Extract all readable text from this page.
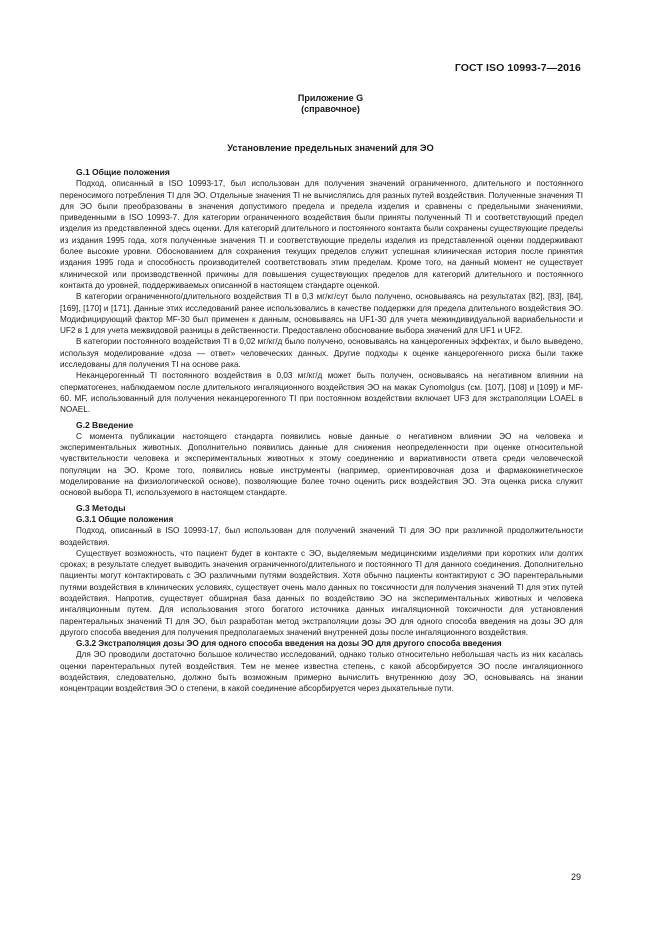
ГОСТ ISO 10993-7—2016
Приложение G
(справочное)
Установление предельных значений для ЭО
G.1 Общие положения

Подход, описанный в ISO 10993-17, был использован для получения значений ограниченного, длительного и постоянного переносимого потребления TI для ЭО. Отдельные значения TI не вычислялись для разных путей воздействия. Полученные значения TI для ЭО были преобразованы в значения допустимого предела и предела изделия и сравнены с предельными значениями, приведенными в ISO 10993-7. Для категории ограниченного воздействия были приняты полученный TI и соответствующий предел изделия из представленной здесь оценки. Для категорий длительного и постоянного контакта были сохранены существующие пределы из издания 1995 года, хотя полученные значения TI и соответствующие пределы изделия из представленной оценки поддерживают более высокие уровни. Обоснованием для сохранения текущих пределов служит успешная клиническая история после принятия издания 1995 года и способность производителей соответствовать этим пределам. Кроме того, на данный момент не существует клинической или производственной причины для повышения существующих пределов для категорий длительного и постоянного контакта до уровней, поддерживаемых описанной в настоящем стандарте оценкой.

В категории ограниченного/длительного воздействия TI в 0,3 мг/кг/сут было получено, основываясь на результатах [82], [83], [84], [169], [170] и [171]. Данные этих исследований ранее использовались в качестве поддержки для предела длительного воздействия ЭО. Модифицирующий фактор MF-30 был применен к данным, основываясь на UF1-30 для учета межиндивидуальной вариабельности и UF2 в 1 для учета межвидовой разницы в действенности. Предоставлено обоснование выбора значений для UF1 и UF2.

В категории постоянного воздействия TI в 0,02 мг/кг/д было получено, основываясь на канцерогенных эффектах, и было выведено, используя моделирование «доза — ответ» человеческих данных. Другие подходы к оценке канцерогенного риска были также исследованы для получения TI на основе рака.

Неканцерогенный TI постоянного воздействия в 0,03 мг/кг/д может быть получен, основываясь на негативном влиянии на сперматогенез, наблюдаемом после длительного ингаляционного воздействия ЭО на макак Cynomolgus (см. [107], [108] и [109]) и MF-60. MF, использованный для получения неканцерогенного TI при постоянном воздействии включает UF3 для экстраполяции LOAEL в NOAEL.

G.2 Введение

С момента публикации настоящего стандарта появились новые данные о негативном влиянии ЭО на человека и экспериментальных животных. Дополнительно появились данные для снижения неопределенности при оценке относительной чувствительности человека и экспериментальных животных к этому соединению и вариативности ответа среди человеческой популяции на ЭО. Кроме того, появились новые инструменты (например, ориентировочная доза и фармакокинетическое моделирование на физиологической основе), позволяющие более точно оценить риск воздействия ЭО. Эта оценка риска служит основой выбора TI, используемого в настоящем стандарте.

G.3 Методы
G.3.1 Общие положения

Подход, описанный в ISO 10993-17, был использован для получений значений TI для ЭО при различной продолжительности воздействия.

Существует возможность, что пациент будет в контакте с ЭО, выделяемым медицинскими изделиями при коротких или долгих сроках; в результате следует выводить значения ограниченного/длительного и постоянного TI для данного соединения. Дополнительно пациенты могут контактировать с ЭО различными путями воздействия. Хотя обычно пациенты контактируют с ЭО парентеральными путями воздействия в клинических условиях, существует очень мало данных по токсичности для получения значений TI для этих путей воздействия. Напротив, существует обширная база данных по воздействию ЭО на экспериментальных животных и человека ингаляционным путем. Для использования этого богатого источника данных ингаляционной токсичности для установления парентеральных значений TI для ЭО, был разработан метод экстраполяции дозы ЭО для одного способа введения на дозы ЭО для другого способа введения для получения предполагаемых значений внутренней дозы после ингаляционного воздействия.

G.3.2 Экстраполяция дозы ЭО для одного способа введения на дозы ЭО для другого способа введения

Для ЭО проводили достаточно большое количество исследований, однако только относительно небольшая часть из них касалась оценки парентеральных путей воздействия. Тем не менее известна степень, с какой абсорбируется ЭО после ингаляционного воздействия, следовательно, должно быть возможным примерно вычислить внутреннюю дозу ЭО, основываясь на знании концентрации воздействия ЭО о степени, в какой соединение абсорбируется через дыхательные пути.

29
